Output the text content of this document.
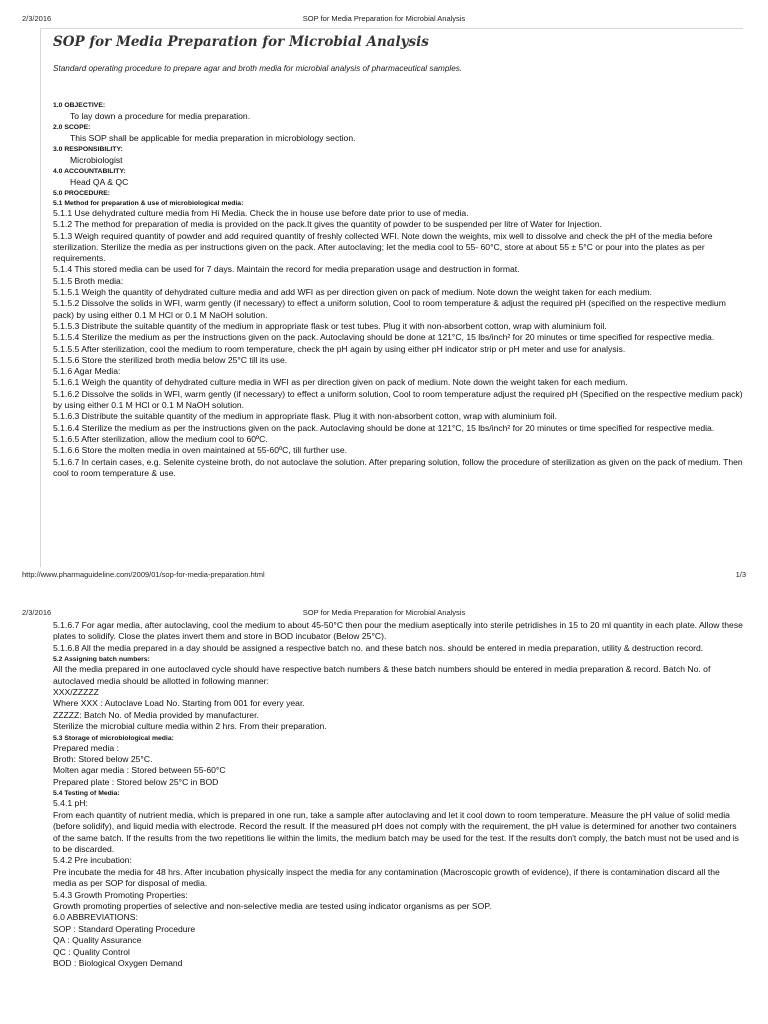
2/3/2016	SOP for Media Preparation for Microbial Analysis
SOP for Media Preparation for Microbial Analysis
Standard operating procedure to prepare agar and broth media for microbial analysis of pharmaceutical samples.
1.0 OBJECTIVE:
To lay down a procedure for media preparation.
2.0 SCOPE:
This SOP shall be applicable for media preparation in microbiology section.
3.0 RESPONSIBILITY:
Microbiologist
4.0 ACCOUNTABILITY:
Head QA & QC
5.0 PROCEDURE:
5.1 Method for preparation & use of microbiological media:
5.1.1 Use dehydrated culture media from Hi Media. Check the in house use before date prior to use of media.
5.1.2 The method for preparation of media is provided on the pack.It gives the quantity of powder to be suspended per litre of Water for Injection.
5.1.3 Weigh required quantity of powder and add required quantity of freshly collected WFI. Note down the weights, mix well to dissolve and check the pH of the media before sterilization. Sterilize the media as per instructions given on the pack. After autoclaving; let the media cool to 55- 60°C, store at about 55 ± 5°C or pour into the plates as per requirements.
5.1.4 This stored media can be used for 7 days. Maintain the record for media preparation usage and destruction in format.
5.1.5 Broth media:
5.1.5.1 Weigh the quantity of dehydrated culture media and add WFI as per direction given on pack of medium. Note down the weight taken for each medium.
5.1.5.2 Dissolve the solids in WFI, warm gently (if necessary) to effect a uniform solution, Cool to room temperature & adjust the required pH (specified on the respective medium pack) by using either 0.1 M HCl or 0.1 M NaOH solution.
5.1.5.3 Distribute the suitable quantity of the medium in appropriate flask or test tubes. Plug it with non-absorbent cotton, wrap with aluminium foil.
5.1.5.4 Sterilize the medium as per the instructions given on the pack. Autoclaving should be done at 121°C, 15 lbs/inch² for 20 minutes or time specified for respective media.
5.1.5.5 After sterilization, cool the medium to room temperature, check the pH again by using either pH indicator strip or pH meter and use for analysis.
5.1.5.6 Store the sterilized broth media below 25°C till its use.
5.1.6 Agar Media:
5.1.6.1 Weigh the quantity of dehydrated culture media in WFI as per direction given on pack of medium. Note down the weight taken for each medium.
5.1.6.2 Dissolve the solids in WFI, warm gently (if necessary) to effect a uniform solution, Cool to room temperature adjust the required pH (Specified on the respective medium pack) by using either 0.1 M HCl or 0.1 M NaOH solution.
5.1.6.3 Distribute the suitable quantity of the medium in appropriate flask. Plug it with non-absorbent cotton, wrap with aluminium foil.
5.1.6.4 Sterilize the medium as per the instructions given on the pack. Autoclaving should be done at 121°C, 15 lbs/inch² for 20 minutes or time specified for respective media.
5.1.6.5 After sterilization, allow the medium cool to 60ºC.
5.1.6.6 Store the molten media in oven maintained at 55-60ºC, till further use.
5.1.6.7 In certain cases, e.g. Selenite cysteine broth, do not autoclave the solution. After preparing solution, follow the procedure of sterilization as given on the pack of medium. Then cool to room temperature & use.
http://www.pharmaguideline.com/2009/01/sop-for-media-preparation.html	1/3
2/3/2016	SOP for Media Preparation for Microbial Analysis
5.1.6.7 For agar media, after autoclaving, cool the medium to about 45-50°C then pour the medium aseptically into sterile petridishes in 15 to 20 ml quantity in each plate. Allow these plates to solidify. Close the plates invert them and store in BOD incubator (Below 25°C).
5.1.6.8 All the media prepared in a day should be assigned a respective batch no. and these batch nos. should be entered in media preparation, utility & destruction record.
5.2 Assigning batch numbers:
All the media prepared in one autoclaved cycle should have respective batch numbers & these batch numbers should be entered in media preparation & record. Batch No. of autoclaved media should be allotted in following manner:
XXX/ZZZZZ
Where XXX : Autoclave Load No. Starting from 001 for every year.
ZZZZZ: Batch No. of Media provided by manufacturer.
Sterilize the microbial culture media within 2 hrs. From their preparation.
5.3 Storage of microbiological media:
Prepared media :
Broth: Stored below 25°C.
Molten agar media : Stored between 55-60°C
Prepared plate : Stored below 25°C in BOD
5.4 Testing of Media:
5.4.1 pH:
From each quantity of nutrient media, which is prepared in one run, take a sample after autoclaving and let it cool down to room temperature. Measure the pH value of solid media (before solidify), and liquid media with electrode. Record the result. If the measured pH does not comply with the requirement, the pH value is determined for another two containers of the same batch. If the results from the two repetitions lie within the limits, the medium batch may be used for the test. If the results don't comply, the batch must not be used and is to be discarded.
5.4.2 Pre incubation:
Pre incubate the media for 48 hrs. After incubation physically inspect the media for any contamination (Macroscopic growth of evidence), if there is contamination discard all the media as per SOP for disposal of media.
5.4.3 Growth Promoting Properties:
Growth promoting properties of selective and non-selective media are tested using indicator organisms as per SOP.
6.0 ABBREVIATIONS:
SOP : Standard Operating Procedure
QA : Quality Assurance
QC : Quality Control
BOD : Biological Oxygen Demand
